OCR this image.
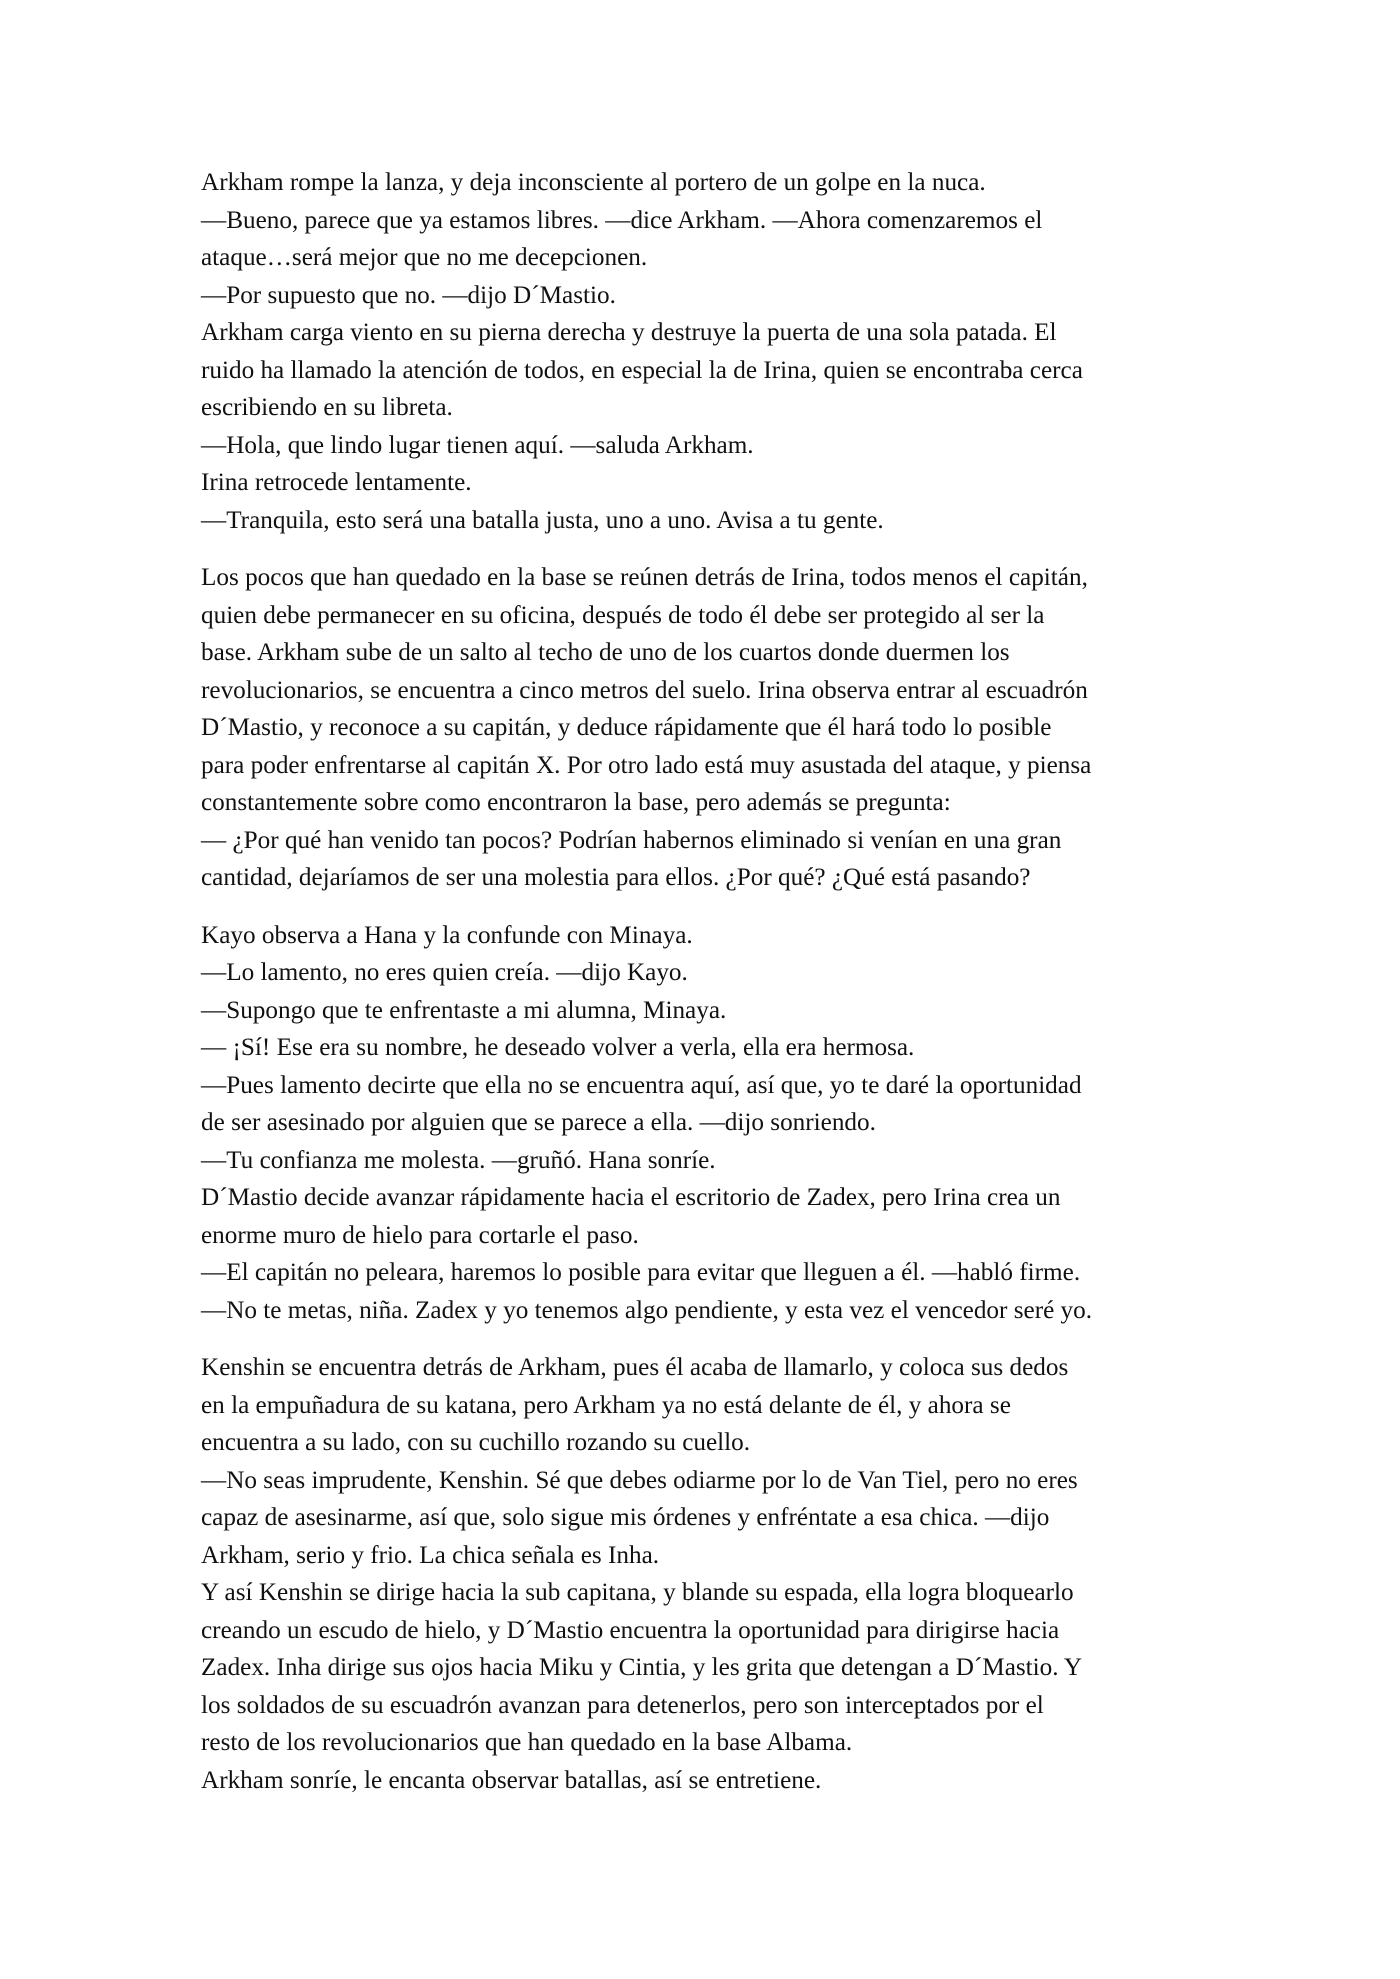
Arkham rompe la lanza, y deja inconsciente al portero de un golpe en la nuca.

—Bueno, parece que ya estamos libres. —dice Arkham. —Ahora comenzaremos el
ataque…será mejor que no me decepcionen.

—Por supuesto que no. —dijo D´Mastio.

Arkham carga viento en su pierna derecha y destruye la puerta de una sola patada. El
ruido ha llamado la atención de todos, en especial la de Irina, quien se encontraba cerca
escribiendo en su libreta.

—Hola, que lindo lugar tienen aquí. —saluda Arkham.

Irina retrocede lentamente.

—Tranquila, esto será una batalla justa, uno a uno. Avisa a tu gente.

Los pocos que han quedado en la base se reúnen detrás de Irina, todos menos el capitán,
quien debe permanecer en su oficina, después de todo él debe ser protegido al ser la
base. Arkham sube de un salto al techo de uno de los cuartos donde duermen los
revolucionarios, se encuentra a cinco metros del suelo. Irina observa entrar al escuadrón
D´Mastio, y reconoce a su capitán, y deduce rápidamente que él hará todo lo posible
para poder enfrentarse al capitán X. Por otro lado está muy asustada del ataque, y piensa
constantemente sobre como encontraron la base, pero además se pregunta:

— ¿Por qué han venido tan pocos? Podrían habernos eliminado si venían en una gran
cantidad, dejaríamos de ser una molestia para ellos. ¿Por qué? ¿Qué está pasando?

Kayo observa a Hana y la confunde con Minaya.

—Lo lamento, no eres quien creía. —dijo Kayo.

—Supongo que te enfrentaste a mi alumna, Minaya.

— ¡Sí! Ese era su nombre, he deseado volver a verla, ella era hermosa.

—Pues lamento decirte que ella no se encuentra aquí, así que, yo te daré la oportunidad
de ser asesinado por alguien que se parece a ella. —dijo sonriendo.

—Tu confianza me molesta. —gruñó. Hana sonríe.

D´Mastio decide avanzar rápidamente hacia el escritorio de Zadex, pero Irina crea un
enorme muro de hielo para cortarle el paso.

—El capitán no peleara, haremos lo posible para evitar que lleguen a él. —habló firme.

—No te metas, niña. Zadex y yo tenemos algo pendiente, y esta vez el vencedor seré yo.

Kenshin se encuentra detrás de Arkham, pues él acaba de llamarlo, y coloca sus dedos
en la empuñadura de su katana, pero Arkham ya no está delante de él, y ahora se
encuentra a su lado, con su cuchillo rozando su cuello.

—No seas imprudente, Kenshin. Sé que debes odiarme por lo de Van Tiel, pero no eres
capaz de asesinarme, así que, solo sigue mis órdenes y enfréntate a esa chica. —dijo
Arkham, serio y frio. La chica señala es Inha.

Y así Kenshin se dirige hacia la sub capitana, y blande su espada, ella logra bloquearlo
creando un escudo de hielo, y D´Mastio encuentra la oportunidad para dirigirse hacia
Zadex. Inha dirige sus ojos hacia Miku y Cintia, y les grita que detengan a D´Mastio. Y
los soldados de su escuadrón avanzan para detenerlos, pero son interceptados por el
resto de los revolucionarios que han quedado en la base Albama.

Arkham sonríe, le encanta observar batallas, así se entretiene.
